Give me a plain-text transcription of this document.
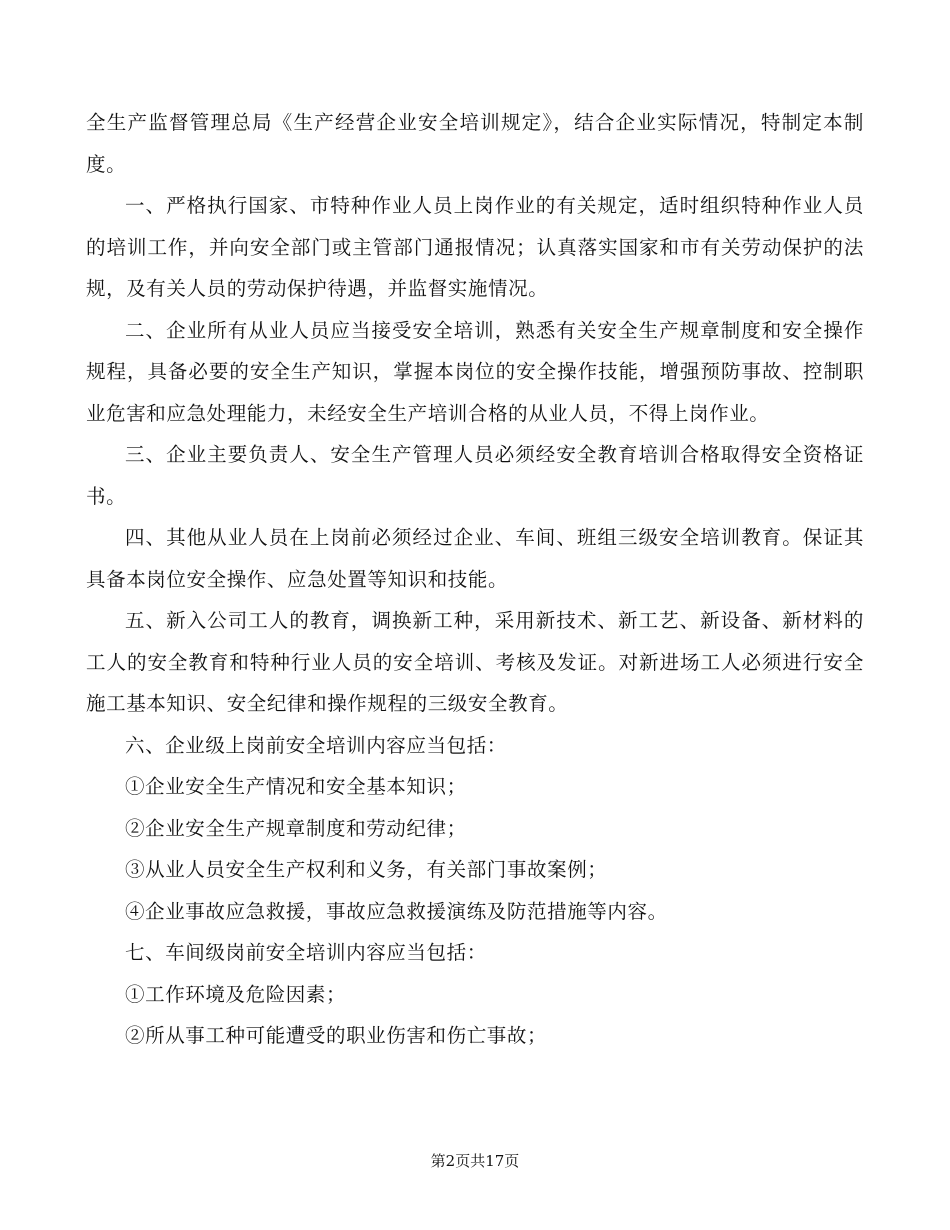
全生产监督管理总局《生产经营企业安全培训规定》，结合企业实际情况，特制定本制度。

一、严格执行国家、市特种作业人员上岗作业的有关规定，适时组织特种作业人员的培训工作，并向安全部门或主管部门通报情况；认真落实国家和市有关劳动保护的法规，及有关人员的劳动保护待遇，并监督实施情况。

二、企业所有从业人员应当接受安全培训，熟悉有关安全生产规章制度和安全操作规程，具备必要的安全生产知识，掌握本岗位的安全操作技能，增强预防事故、控制职业危害和应急处理能力，未经安全生产培训合格的从业人员，不得上岗作业。

三、企业主要负责人、安全生产管理人员必须经安全教育培训合格取得安全资格证书。

四、其他从业人员在上岗前必须经过企业、车间、班组三级安全培训教育。保证其具备本岗位安全操作、应急处置等知识和技能。

五、新入公司工人的教育，调换新工种，采用新技术、新工艺、新设备、新材料的工人的安全教育和特种行业人员的安全培训、考核及发证。对新进场工人必须进行安全施工基本知识、安全纪律和操作规程的三级安全教育。

六、企业级上岗前安全培训内容应当包括：

①企业安全生产情况和安全基本知识；

②企业安全生产规章制度和劳动纪律；

③从业人员安全生产权利和义务，有关部门事故案例；

④企业事故应急救援，事故应急救援演练及防范措施等内容。

七、车间级岗前安全培训内容应当包括：

①工作环境及危险因素；

②所从事工种可能遭受的职业伤害和伤亡事故；

第2页共17页
